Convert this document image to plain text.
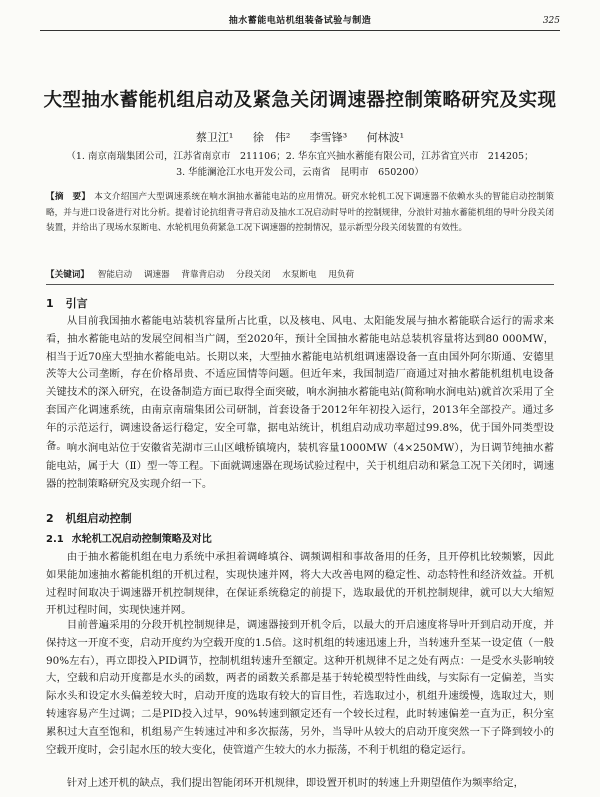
抽水蓄能电站机组装备试验与制造	325
大型抽水蓄能机组启动及紧急关闭调速器控制策略研究及实现
蔡卫江¹ 徐　伟² 李雪锋³ 何林波¹
（1. 南京南瑞集团公司，江苏省南京市　211106；2. 华东宜兴抽水蓄能有限公司，江苏省宜兴市　214205；
3. 华能澜沧江水电开发公司，云南省　昆明市　650200）
【摘　要】 本文介绍国产大型调速系统在响水涧抽水蓄能电站的应用情况。研究水轮机工况下调速器不依赖水头的智能启动控制策略，并与进口设备进行对比分析。提着讨论抗组背寻背启动及抽水工况启动时导叶的控制规律，分浪针对抽水蓄能机组的导叶分段关闭装置，并给出了现场水泵断电、水轮机甩负荷紧急工况下调速器的控制情况，显示新型分段关闭装置的有效性。
【关键词】 智能启动 调速器 背靠背启动 分段关闭 水泵断电 甩负荷
1 引言
从目前我国抽水蓄能电站装机容量所占比重，以及核电、风电、太阳能发展与抽水蓄能联合运行的需求来看，抽水蓄能电站的发展空间相当广阔，至2020年，预计全国抽水蓄能电站总装机容量将达到80 000MW，相当于近70座大型抽水蓄能电站。长期以来，大型抽水蓄能电站机组调速器设备一直由国外阿尔斯通、安德里茨等大公司垄断，存在价格昂贵、不适应国情等问题。但近年来，我国制造厂商通过对抽水蓄能机组机电设备关键技术的深入研究，在设备制造方面已取得全面突破，响水涧抽水蓄能电站(简称响水涧电站)就首次采用了全套国产化调速系统，由南京南瑞集团公司研制，首套设备于2012年年初投入运行，2013年全部投产。通过多年的示范运行，调速设备运行稳定，安全可靠，据电站统计，机组启动成功率超过99.8%，优于国外同类型设备。 响水涧电站位于安徽省芜湖市三山区峨桥镇境内，装机容量1000MW（4×250MW），为日调节纯抽水蓄能电站，属于大（Ⅱ）型一等工程。下面就调速器在现场试验过程中，关于机组启动和紧急工况下关闭时，调速器的控制策略研究及实现介绍一下。
2 机组启动控制
2.1 水轮机工况启动控制策略及对比
由于抽水蓄能机组在电力系统中承担着调峰填谷、调频调相和事故备用的任务，且开停机比较频繁，因此如果能加速抽水蓄能机组的开机过程，实现快速并网，将大大改善电网的稳定性、动态特性和经济效益。开机过程时间取决于调速器开机控制规律，在保证系统稳定的前提下，选取最优的开机控制规律，就可以大大缩短开机过程时间，实现快速并网。
目前普遍采用的分段开机控制规律是，调速器接到开机令后，以最大的开启速度将导叶开到启动开度，并保持这一开度不变，启动开度约为空载开度的1.5倍。这时机组的转速迅速上升，当转速升至某一设定值（一般90%左右），再立即投入PID调节，控制机组转速升至额定。这种开机规律不足之处有两点：一是受水头影响较大，空载和启动开度都是水头的函数，两者的函数关系都是基于转轮模型特性曲线，与实际有一定偏差，当实际水头和设定水头偏差较大时，启动开度的选取有较大的盲目性，若选取过小，机组升速缓慢，选取过大，则转速容易产生过调；二是PID投入过早，90%转速到额定还有一个较长过程，此时转速偏差一直为正，积分室累积过大直至饱和，机组易产生转速过冲和多次振荡，另外，当导叶从较大的启动开度突然一下子降到较小的空载开度时，会引起水压的较大变化，使管道产生较大的水力振荡，不利于机组的稳定运行。
针对上述开机的缺点，我们提出智能闭环开机规律，即设置开机时的转速上升期望值作为频率给定，
